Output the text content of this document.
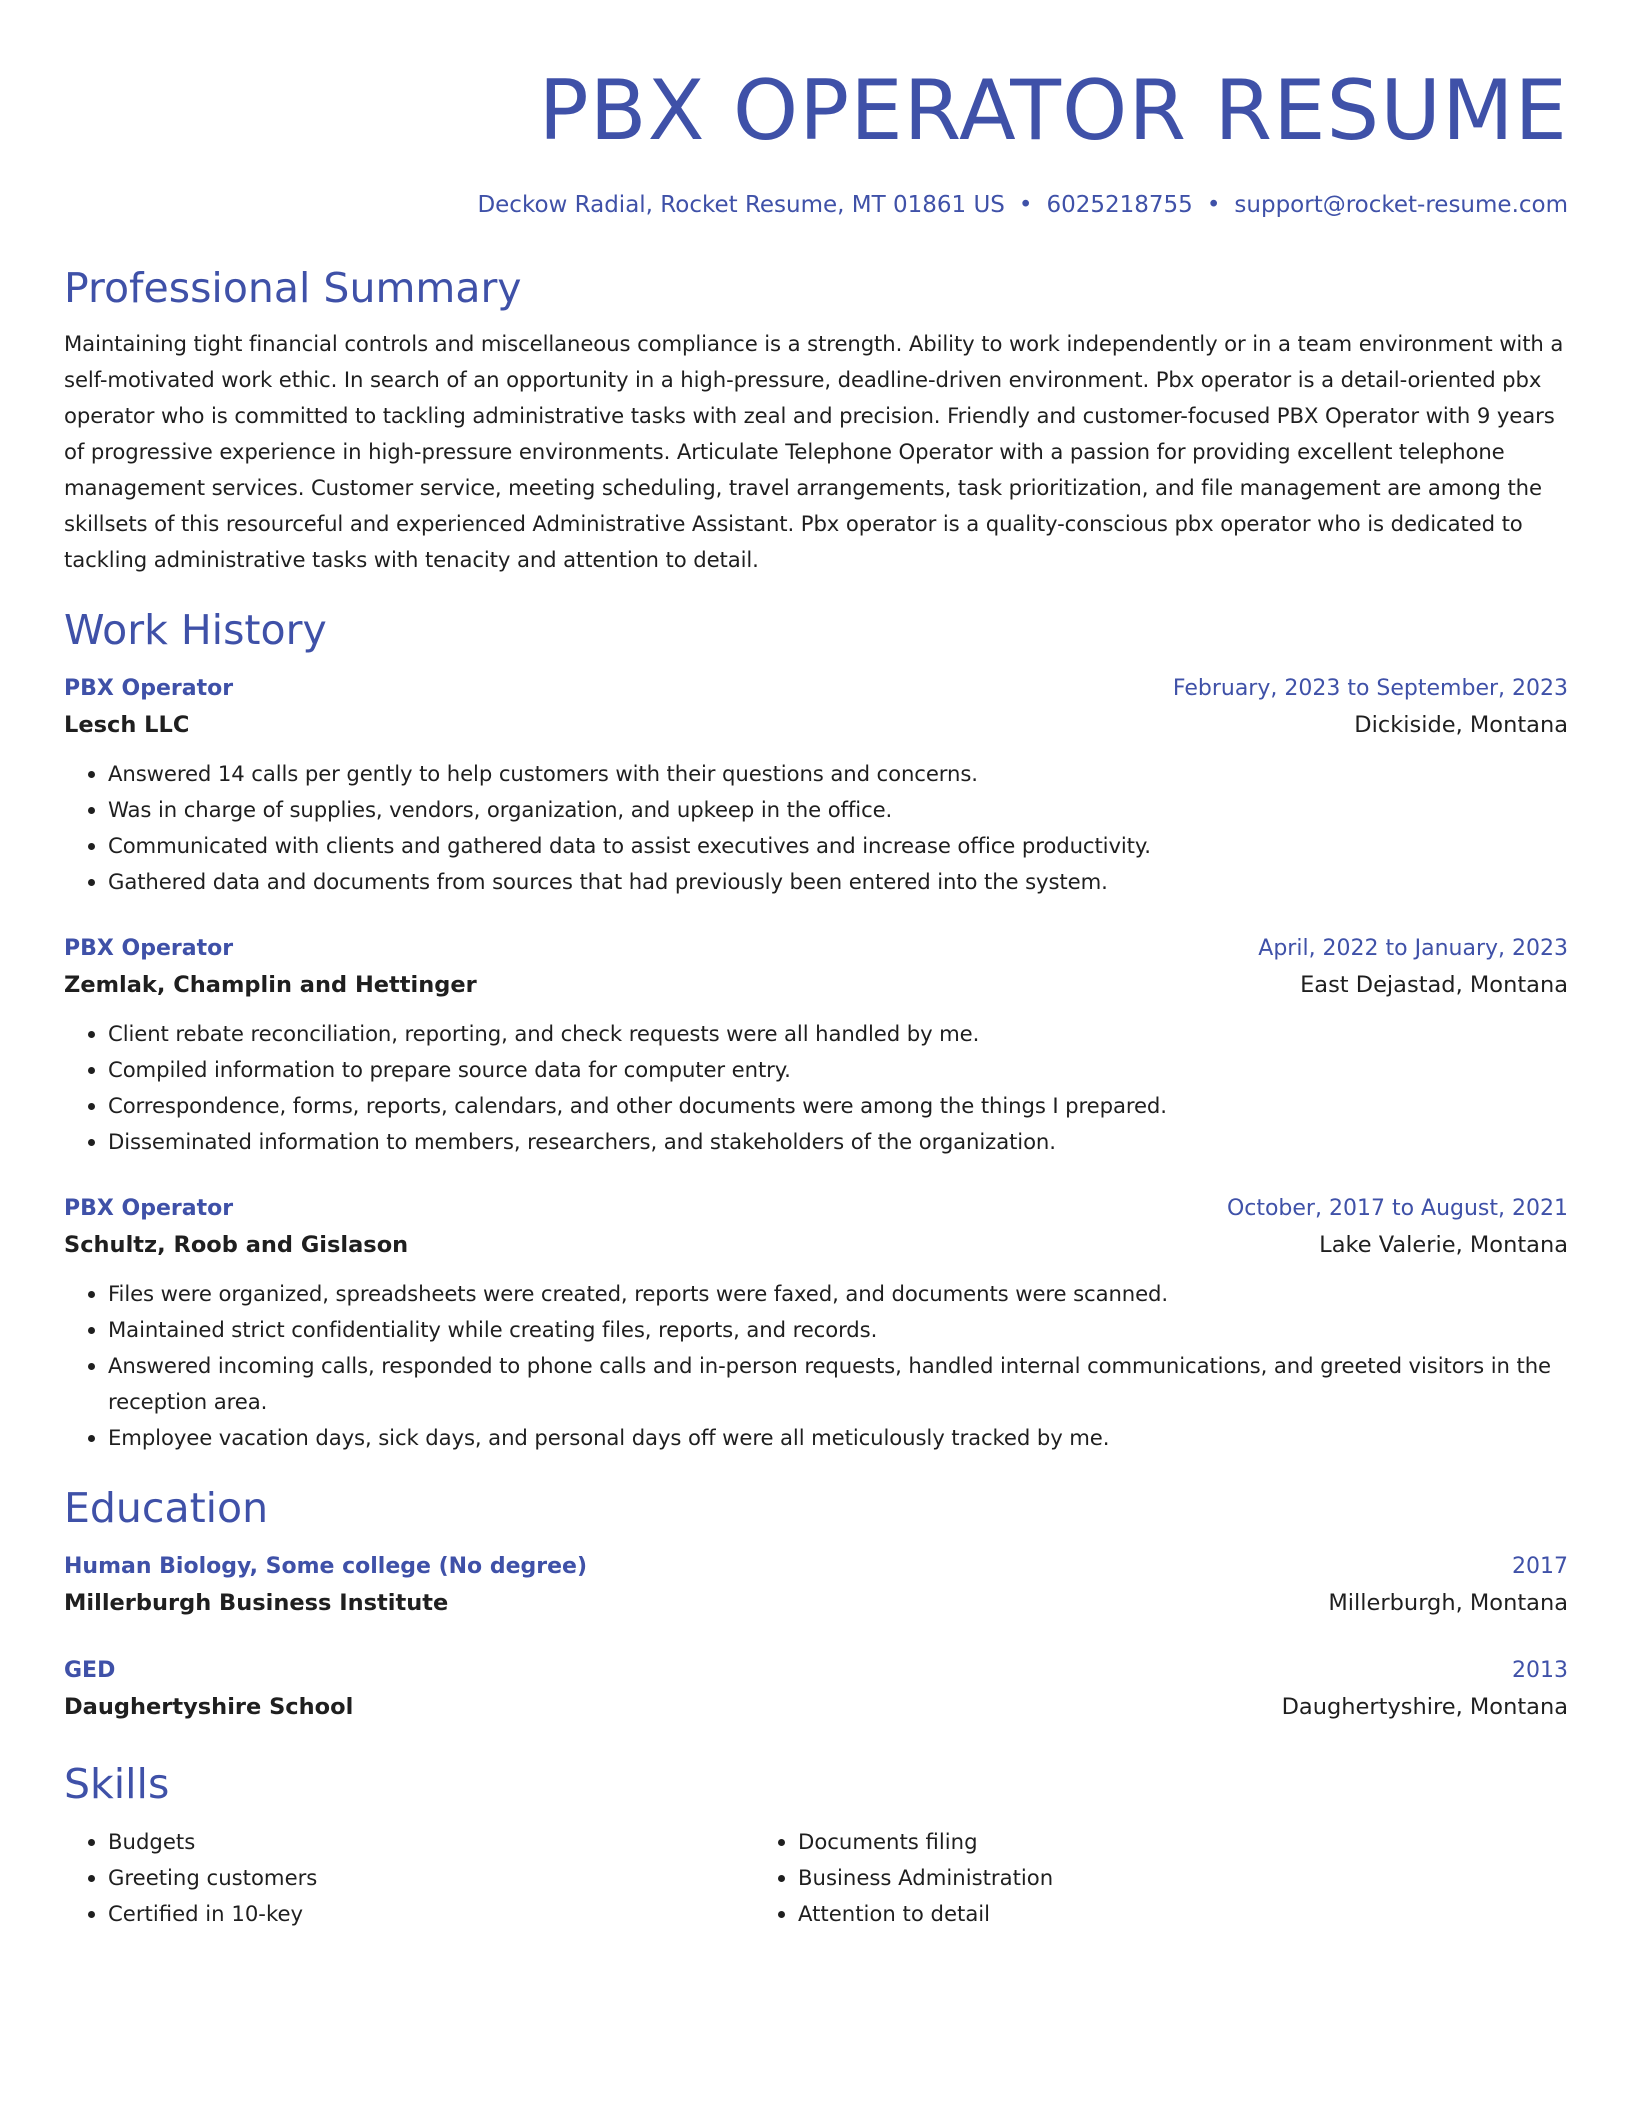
PBX OPERATOR RESUME
Deckow Radial, Rocket Resume, MT 01861 US • 6025218755 • support@rocket-resume.com
Professional Summary
Maintaining tight financial controls and miscellaneous compliance is a strength. Ability to work independently or in a team environment with a self-motivated work ethic. In search of an opportunity in a high-pressure, deadline-driven environment. Pbx operator is a detail-oriented pbx operator who is committed to tackling administrative tasks with zeal and precision. Friendly and customer-focused PBX Operator with 9 years of progressive experience in high-pressure environments. Articulate Telephone Operator with a passion for providing excellent telephone management services. Customer service, meeting scheduling, travel arrangements, task prioritization, and file management are among the skillsets of this resourceful and experienced Administrative Assistant. Pbx operator is a quality-conscious pbx operator who is dedicated to tackling administrative tasks with tenacity and attention to detail.
Work History
PBX Operator	February, 2023 to September, 2023
Lesch LLC	Dickiside, Montana
• Answered 14 calls per gently to help customers with their questions and concerns.
• Was in charge of supplies, vendors, organization, and upkeep in the office.
• Communicated with clients and gathered data to assist executives and increase office productivity.
• Gathered data and documents from sources that had previously been entered into the system.
PBX Operator	April, 2022 to January, 2023
Zemlak, Champlin and Hettinger	East Dejastad, Montana
• Client rebate reconciliation, reporting, and check requests were all handled by me.
• Compiled information to prepare source data for computer entry.
• Correspondence, forms, reports, calendars, and other documents were among the things I prepared.
• Disseminated information to members, researchers, and stakeholders of the organization.
PBX Operator	October, 2017 to August, 2021
Schultz, Roob and Gislason	Lake Valerie, Montana
• Files were organized, spreadsheets were created, reports were faxed, and documents were scanned.
• Maintained strict confidentiality while creating files, reports, and records.
• Answered incoming calls, responded to phone calls and in-person requests, handled internal communications, and greeted visitors in the reception area.
• Employee vacation days, sick days, and personal days off were all meticulously tracked by me.
Education
Human Biology, Some college (No degree)	2017
Millerburgh Business Institute	Millerburgh, Montana
GED	2013
Daughertyshire School	Daughertyshire, Montana
Skills
• Budgets
• Greeting customers
• Certified in 10-key
• Documents filing
• Business Administration
• Attention to detail
